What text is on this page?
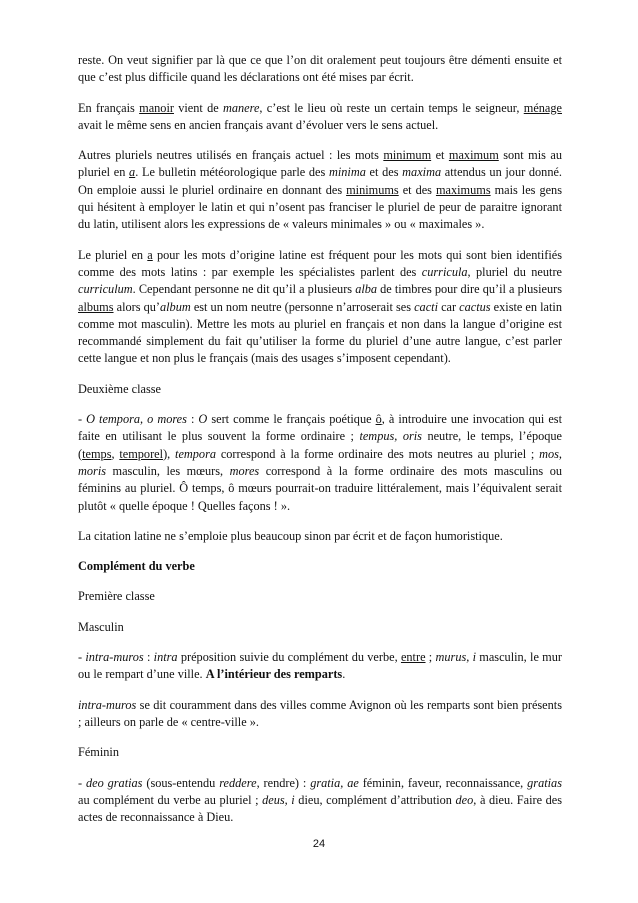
reste. On veut signifier par là que ce que l’on dit oralement peut toujours être démenti ensuite et que c’est plus difficile quand les déclarations ont été mises par écrit.

En français manoir vient de manere, c’est le lieu où reste un certain temps le seigneur, ménage avait le même sens en ancien français avant d’évoluer vers le sens actuel.

Autres pluriels neutres utilisés en français actuel : les mots minimum et maximum sont mis au pluriel en a. Le bulletin météorologique parle des minima et des maxima attendus un jour donné. On emploie aussi le pluriel ordinaire en donnant des minimums et des maximums mais les gens qui hésitent à employer le latin et qui n’osent pas franciser le pluriel de peur de paraitre ignorant du latin, utilisent alors les expressions de « valeurs minimales » ou « maximales ».

Le pluriel en a pour les mots d’origine latine est fréquent pour les mots qui sont bien identifiés comme des mots latins : par exemple les spécialistes parlent des curricula, pluriel du neutre curriculum. Cependant personne ne dit qu’il a plusieurs alba de timbres pour dire qu’il a plusieurs albums alors qu’album est un nom neutre (personne n’arroserait ses cacti car cactus existe en latin comme mot masculin). Mettre les mots au pluriel en français et non dans la langue d’origine est recommandé simplement du fait qu’utiliser la forme du pluriel d’une autre langue, c’est parler cette langue et non plus le français (mais des usages s’imposent cependant).

Deuxième classe

- O tempora, o mores : O sert comme le français poétique ô, à introduire une invocation qui est faite en utilisant le plus souvent la forme ordinaire ; tempus, oris neutre, le temps, l’époque (temps, temporel), tempora correspond à la forme ordinaire des mots neutres au pluriel ; mos, moris masculin, les mœurs, mores correspond à la forme ordinaire des mots masculins ou féminins au pluriel. Ô temps, ô mœurs pourrait-on traduire littéralement, mais l’équivalent serait plutôt « quelle époque ! Quelles façons ! ».

La citation latine ne s’emploie plus beaucoup sinon par écrit et de façon humoristique.

Complément du verbe

Première classe

Masculin

- intra-muros : intra préposition suivie du complément du verbe, entre ; murus, i masculin, le mur ou le rempart d’une ville. A l’intérieur des remparts.

intra-muros se dit couramment dans des villes comme Avignon où les remparts sont bien présents ; ailleurs on parle de « centre-ville ».

Féminin

- deo gratias (sous-entendu reddere, rendre) : gratia, ae féminin, faveur, reconnaissance, gratias au complément du verbe au pluriel ; deus, i dieu, complément d’attribution deo, à dieu. Faire des actes de reconnaissance à Dieu.

24
